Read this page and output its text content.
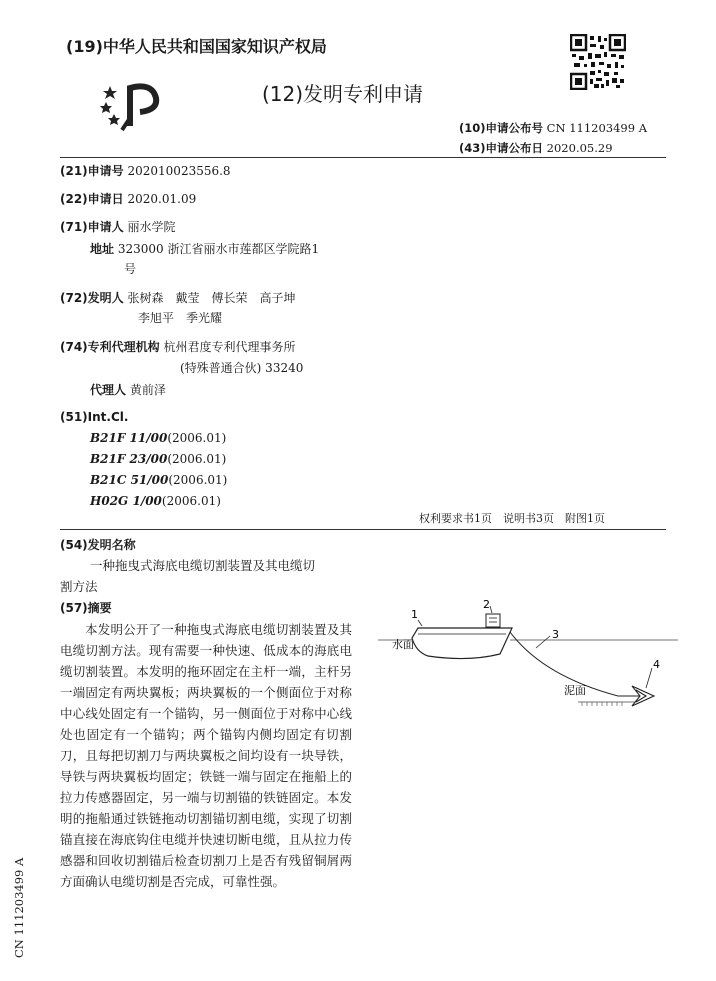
(19)中华人民共和国国家知识产权局
(12)发明专利申请
(10)申请公布号 CN 111203499 A
(43)申请公布日 2020.05.29
(21)申请号 202010023556.8
(22)申请日 2020.01.09
(71)申请人 丽水学院
地址 323000 浙江省丽水市莲都区学院路1
号
(72)发明人 张树森　戴莹　傅长荣　高子坤
李旭平　季光耀
(74)专利代理机构 杭州君度专利代理事务所
(特殊普通合伙) 33240
代理人 黄前泽
(51)Int.Cl.
B21F 11/00(2006.01)
B21F 23/00(2006.01)
B21C 51/00(2006.01)
H02G 1/00(2006.01)
权利要求书1页　说明书3页　附图1页
(54)发明名称
一种拖曳式海底电缆切割装置及其电缆切
割方法
(57)摘要
本发明公开了一种拖曳式海底电缆切割装置及其电缆切割方法。现有需要一种快速、低成本的海底电缆切割装置。本发明的拖环固定在主杆一端，主杆另一端固定有两块翼板；两块翼板的一个侧面位于对称中心线处固定有一个锚钩，另一侧面位于对称中心线处也固定有一个锚钩；两个锚钩内侧均固定有切割刀，且每把切割刀与两块翼板之间均设有一块导铁，导铁与两块翼板均固定；铁链一端与固定在拖船上的拉力传感器固定，另一端与切割锚的铁链固定。本发明的拖船通过铁链拖动切割锚切割电缆，实现了切割锚直接在海底钩住电缆并快速切断电缆，且从拉力传感器和回收切割锚后检查切割刀上是否有残留铜屑两方面确认电缆切割是否完成，可靠性强。
水面
泥面
1
2
3
4
CN 111203499 A
